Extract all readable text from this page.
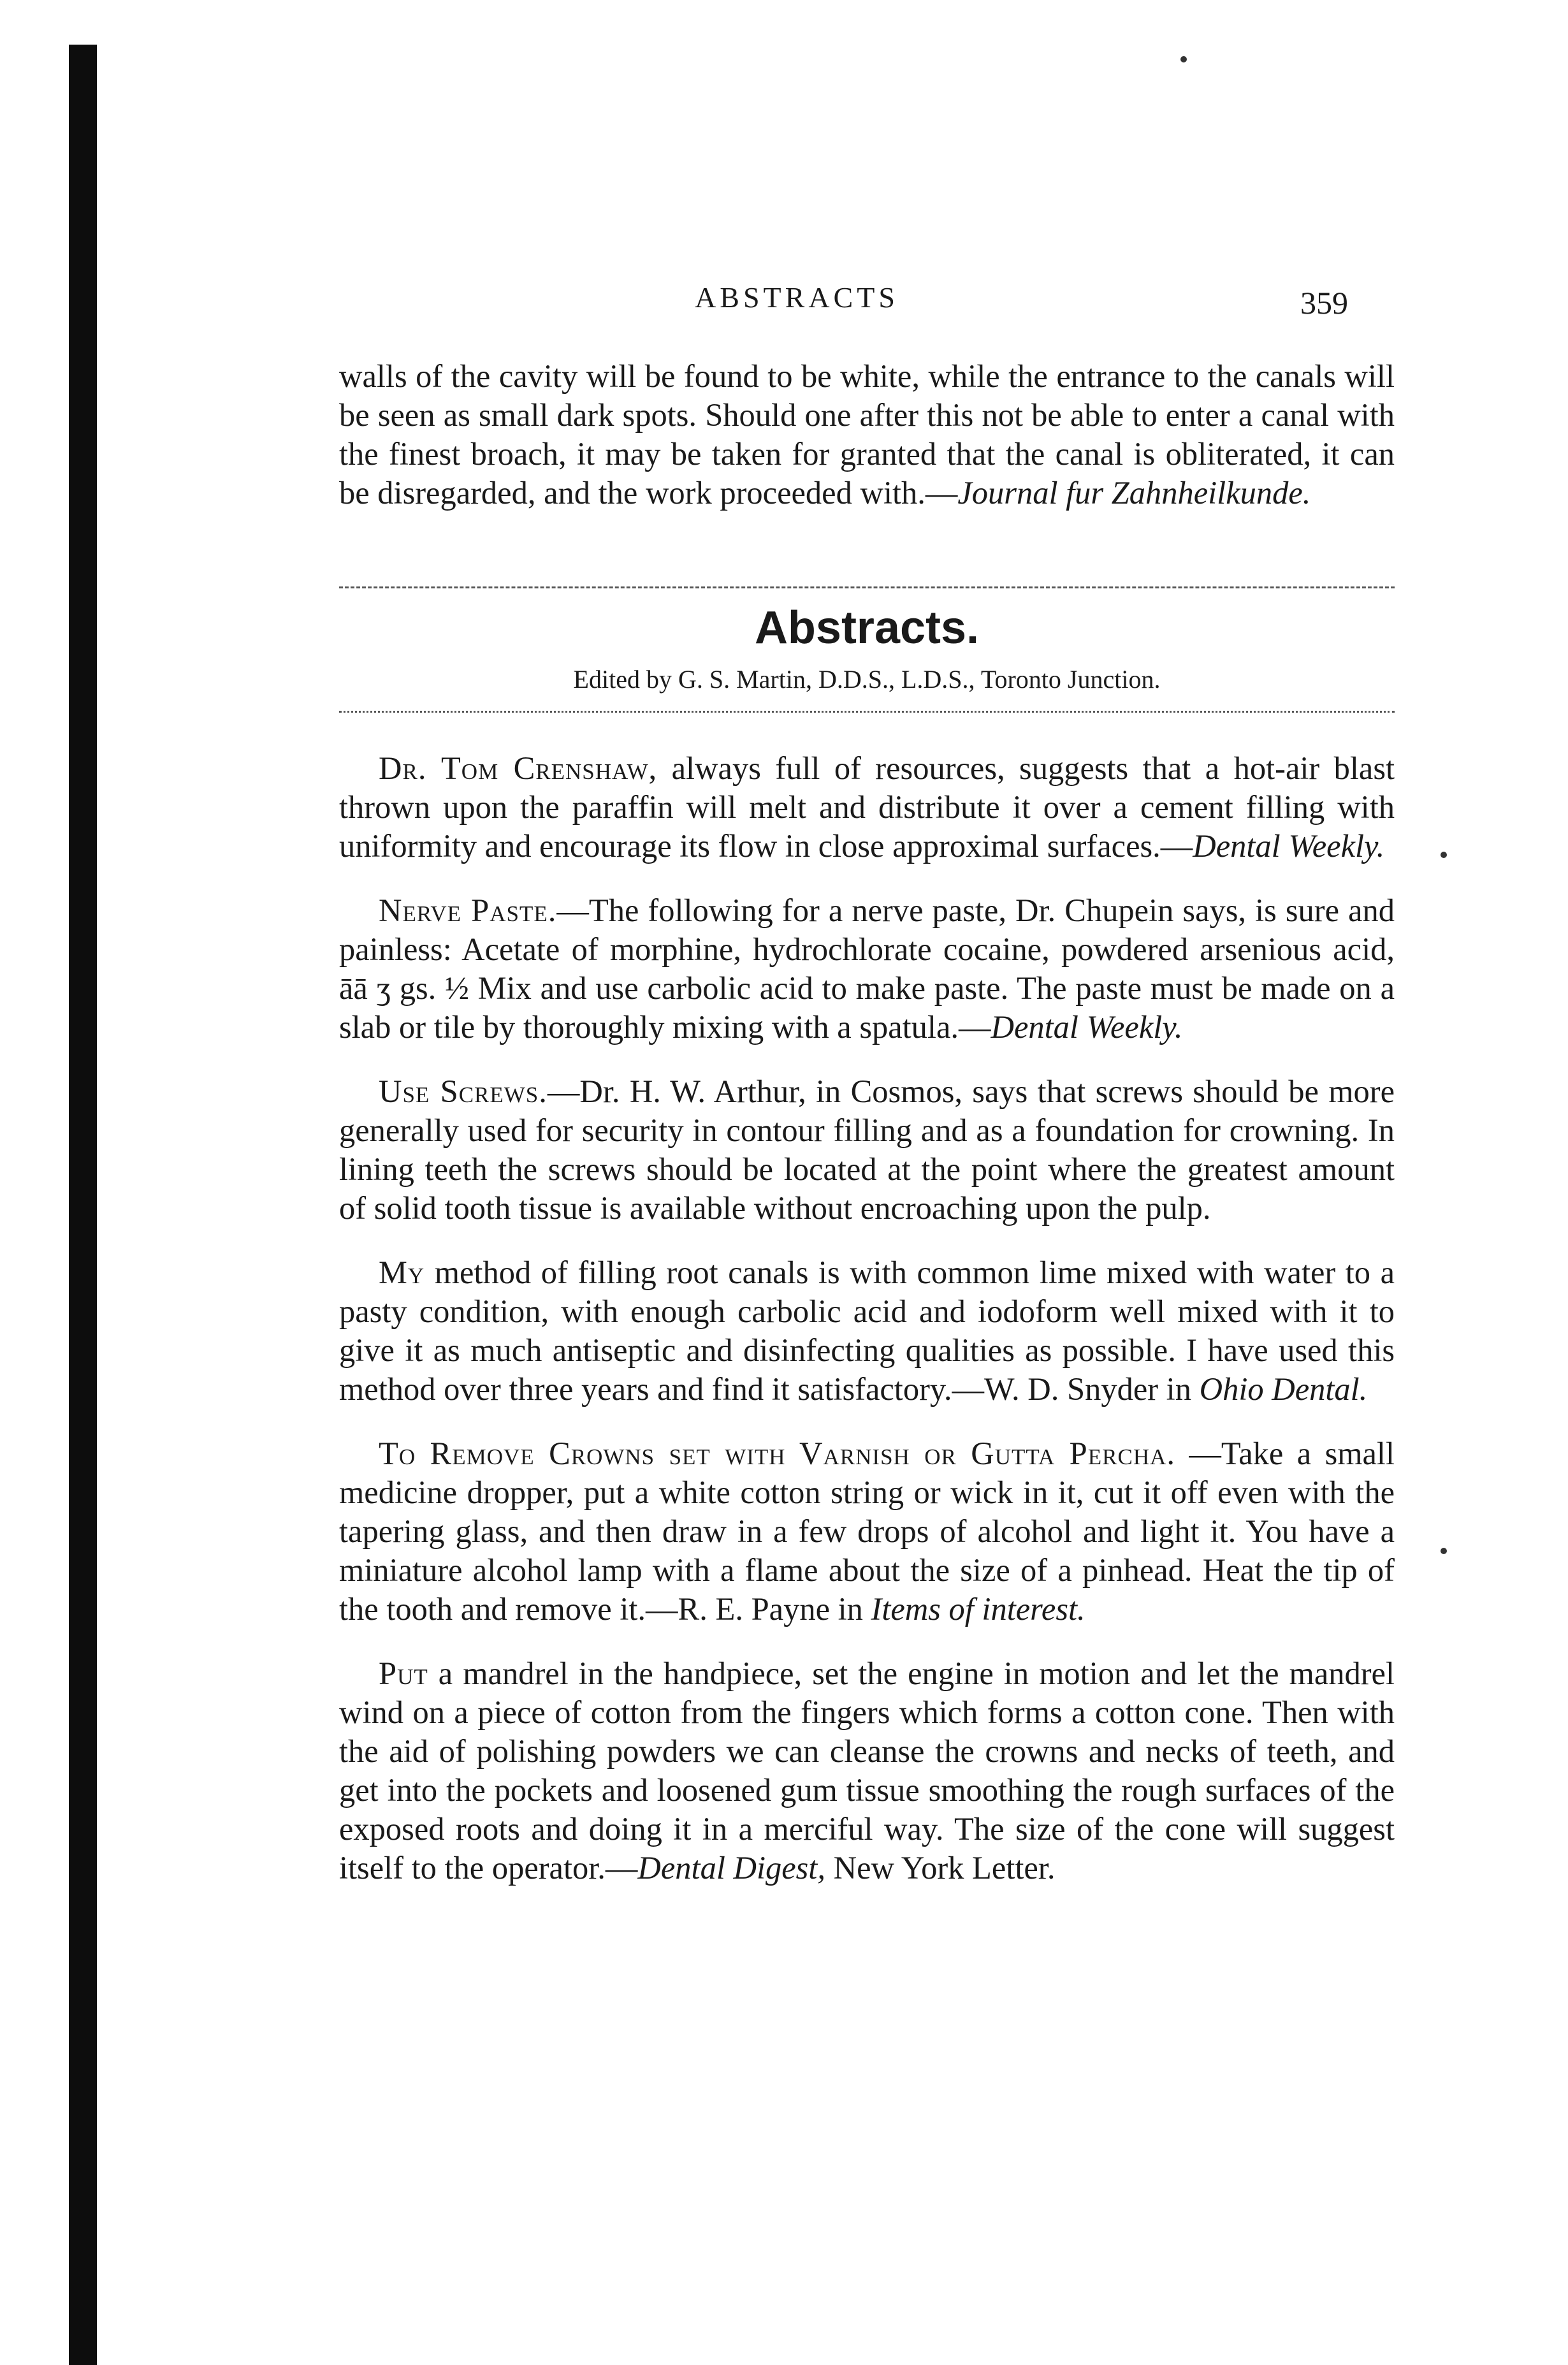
ABSTRACTS	359

walls of the cavity will be found to be white, while the entrance to the canals will be seen as small dark spots. Should one after this not be able to enter a canal with the finest broach, it may be taken for granted that the canal is obliterated, it can be disregarded, and the work proceeded with.—Journal fur Zahnheilkunde.

Abstracts.
Edited by G. S. Martin, D.D.S., L.D.S., Toronto Junction.

Dr. Tom Crenshaw, always full of resources, suggests that a hot-air blast thrown upon the paraffin will melt and distribute it over a cement filling with uniformity and encourage its flow in close approximal surfaces.—Dental Weekly.

Nerve Paste.—The following for a nerve paste, Dr. Chupein says, is sure and painless: Acetate of morphine, hydrochlorate cocaine, powdered arsenious acid, āā ʒ gs. ½ Mix and use carbolic acid to make paste. The paste must be made on a slab or tile by thoroughly mixing with a spatula.—Dental Weekly.

Use Screws.—Dr. H. W. Arthur, in Cosmos, says that screws should be more generally used for security in contour filling and as a foundation for crowning. In lining teeth the screws should be located at the point where the greatest amount of solid tooth tissue is available without encroaching upon the pulp.

My method of filling root canals is with common lime mixed with water to a pasty condition, with enough carbolic acid and iodoform well mixed with it to give it as much antiseptic and disinfecting qualities as possible. I have used this method over three years and find it satisfactory.—W. D. Snyder in Ohio Dental.

To Remove Crowns set with Varnish or Gutta Percha. —Take a small medicine dropper, put a white cotton string or wick in it, cut it off even with the tapering glass, and then draw in a few drops of alcohol and light it. You have a miniature alcohol lamp with a flame about the size of a pinhead. Heat the tip of the tooth and remove it.—R. E. Payne in Items of interest.

Put a mandrel in the handpiece, set the engine in motion and let the mandrel wind on a piece of cotton from the fingers which forms a cotton cone. Then with the aid of polishing powders we can cleanse the crowns and necks of teeth, and get into the pockets and loosened gum tissue smoothing the rough surfaces of the exposed roots and doing it in a merciful way. The size of the cone will suggest itself to the operator.—Dental Digest, New York Letter.
